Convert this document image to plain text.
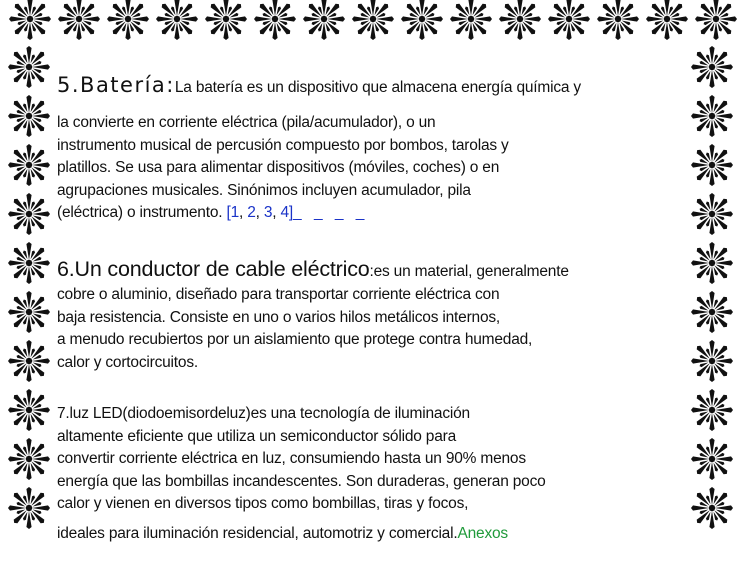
5.Batería:La batería es un dispositivo que almacena energía química y
la convierte en corriente eléctrica (pila/acumulador), o un
instrumento musical de percusión compuesto por bombos, tarolas y
platillos. Se usa para alimentar dispositivos (móviles, coches) o en
agrupaciones musicales. Sinónimos incluyen acumulador, pila
(eléctrica) o instrumento. [1, 2, 3, 4]_ _ _ _
6.Un conductor de cable eléctrico:es un material, generalmente
cobre o aluminio, diseñado para transportar corriente eléctrica con
baja resistencia. Consiste en uno o varios hilos metálicos internos,
a menudo recubiertos por un aislamiento que protege contra humedad,
calor y cortocircuitos.
7.luz LED(diodoemisordeluz)es una tecnología de iluminación
altamente eficiente que utiliza un semiconductor sólido para
convertir corriente eléctrica en luz, consumiendo hasta un 90% menos
energía que las bombillas incandescentes. Son duraderas, generan poco
calor y vienen en diversos tipos como bombillas, tiras y focos,
ideales para iluminación residencial, automotriz y comercial.Anexos
